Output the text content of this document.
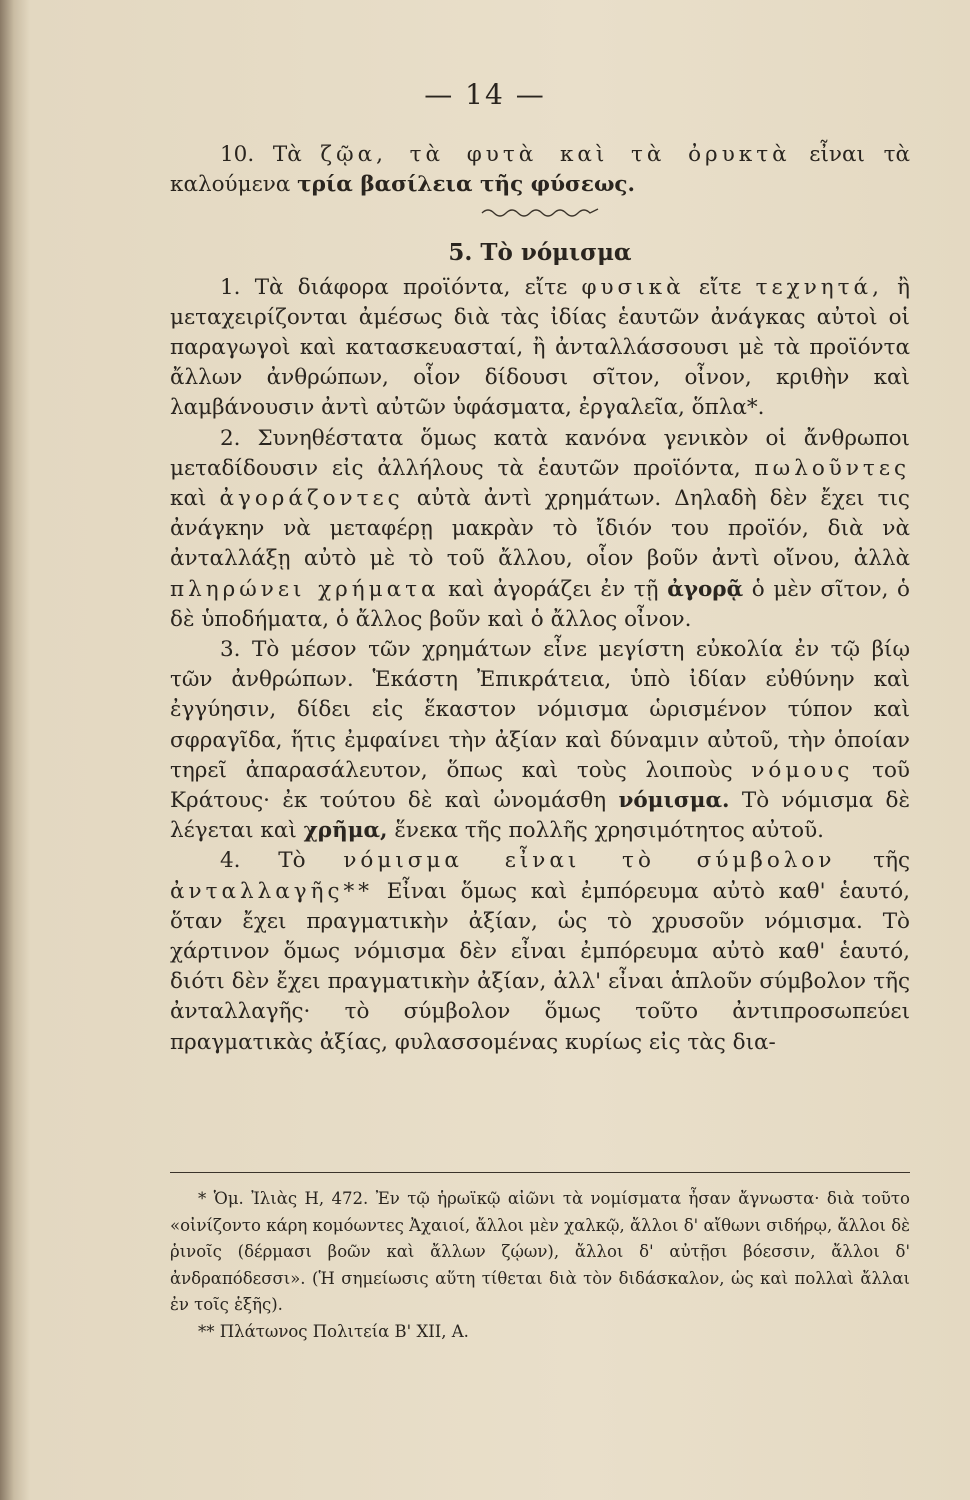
— 14 —

10. Τὰ ζῷα, τὰ φυτὰ καὶ τὰ ὀρυκτὰ εἶναι τὰ καλούμενα τρία βασίλεια τῆς φύσεως.

5. Τὸ νόμισμα

1. Τὰ διάφορα προϊόντα, εἴτε φυσικὰ εἴτε τεχνητά, ἢ μεταχειρίζονται ἀμέσως διὰ τὰς ἰδίας ἑαυτῶν ἀνάγκας αὐτοὶ οἱ παραγωγοὶ καὶ κατασκευασταί, ἢ ἀνταλλάσσουσι μὲ τὰ προϊόντα ἄλλων ἀνθρώπων, οἷον δίδουσι σῖτον, οἶνον, κριθὴν καὶ λαμβάνουσιν ἀντὶ αὐτῶν ὑφάσματα, ἐργαλεῖα, ὅπλα*.

2. Συνηθέστατα ὅμως κατὰ κανόνα γενικὸν οἱ ἄνθρωποι μεταδίδουσιν εἰς ἀλλήλους τὰ ἑαυτῶν προϊόντα, πωλοῦντες καὶ ἀγοράζοντες αὐτὰ ἀντὶ χρημάτων. Δηλαδὴ δὲν ἔχει τις ἀνάγκην νὰ μεταφέρῃ μακρὰν τὸ ἴδιόν του προϊόν, διὰ νὰ ἀνταλλάξῃ αὐτὸ μὲ τὸ τοῦ ἄλλου, οἷον βοῦν ἀντὶ οἴνου, ἀλλὰ πληρώνει χρήματα καὶ ἀγοράζει ἐν τῇ ἀγορᾷ ὁ μὲν σῖτον, ὁ δὲ ὑποδήματα, ὁ ἄλλος βοῦν καὶ ὁ ἄλλος οἶνον.

3. Τὸ μέσον τῶν χρημάτων εἶνε μεγίστη εὐκολία ἐν τῷ βίῳ τῶν ἀνθρώπων. Ἑκάστη Ἐπικράτεια, ὑπὸ ἰδίαν εὐθύνην καὶ ἐγγύησιν, δίδει εἰς ἕκαστον νόμισμα ὡρισμένον τύπον καὶ σφραγῖδα, ἥτις ἐμφαίνει τὴν ἀξίαν καὶ δύναμιν αὐτοῦ, τὴν ὁποίαν τηρεῖ ἀπαρασάλευτον, ὅπως καὶ τοὺς λοιποὺς νόμους τοῦ Κράτους· ἐκ τούτου δὲ καὶ ὠνομάσθη νόμισμα. Τὸ νόμισμα δὲ λέγεται καὶ χρῆμα, ἕνεκα τῆς πολλῆς χρησιμότητος αὐτοῦ.

4. Τὸ νόμισμα εἶναι τὸ σύμβολον τῆς ἀνταλλαγῆς** Εἶναι ὅμως καὶ ἐμπόρευμα αὐτὸ καθ' ἑαυτό, ὅταν ἔχει πραγματικὴν ἀξίαν, ὡς τὸ χρυσοῦν νόμισμα. Τὸ χάρτινον ὅμως νόμισμα δὲν εἶναι ἐμπόρευμα αὐτὸ καθ' ἑαυτό, διότι δὲν ἔχει πραγματικὴν ἀξίαν, ἀλλ' εἶναι ἁπλοῦν σύμβολον τῆς ἀνταλλαγῆς· τὸ σύμβολον ὅμως τοῦτο ἀντιπροσωπεύει πραγματικὰς ἀξίας, φυλασσομένας κυρίως εἰς τὰς δια-

* Ὁμ. Ἰλιὰς Η, 472. Ἐν τῷ ἡρωϊκῷ αἰῶνι τὰ νομίσματα ἦσαν ἄγνωστα· διὰ τοῦτο «οἰνίζοντο κάρη κομόωντες Ἀχαιοί, ἄλλοι μὲν χαλκῷ, ἄλλοι δ' αἴθωνι σιδήρῳ, ἄλλοι δὲ ῥινοῖς (δέρμασι βοῶν καὶ ἄλλων ζῴων), ἄλλοι δ' αὐτῇσι βόεσσιν, ἄλλοι δ' ἀνδραπόδεσσι». (Ἡ σημείωσις αὕτη τίθεται διὰ τὸν διδάσκαλον, ὡς καὶ πολλαὶ ἄλλαι ἐν τοῖς ἑξῆς).

** Πλάτωνος Πολιτεία Β' XII, Α.
